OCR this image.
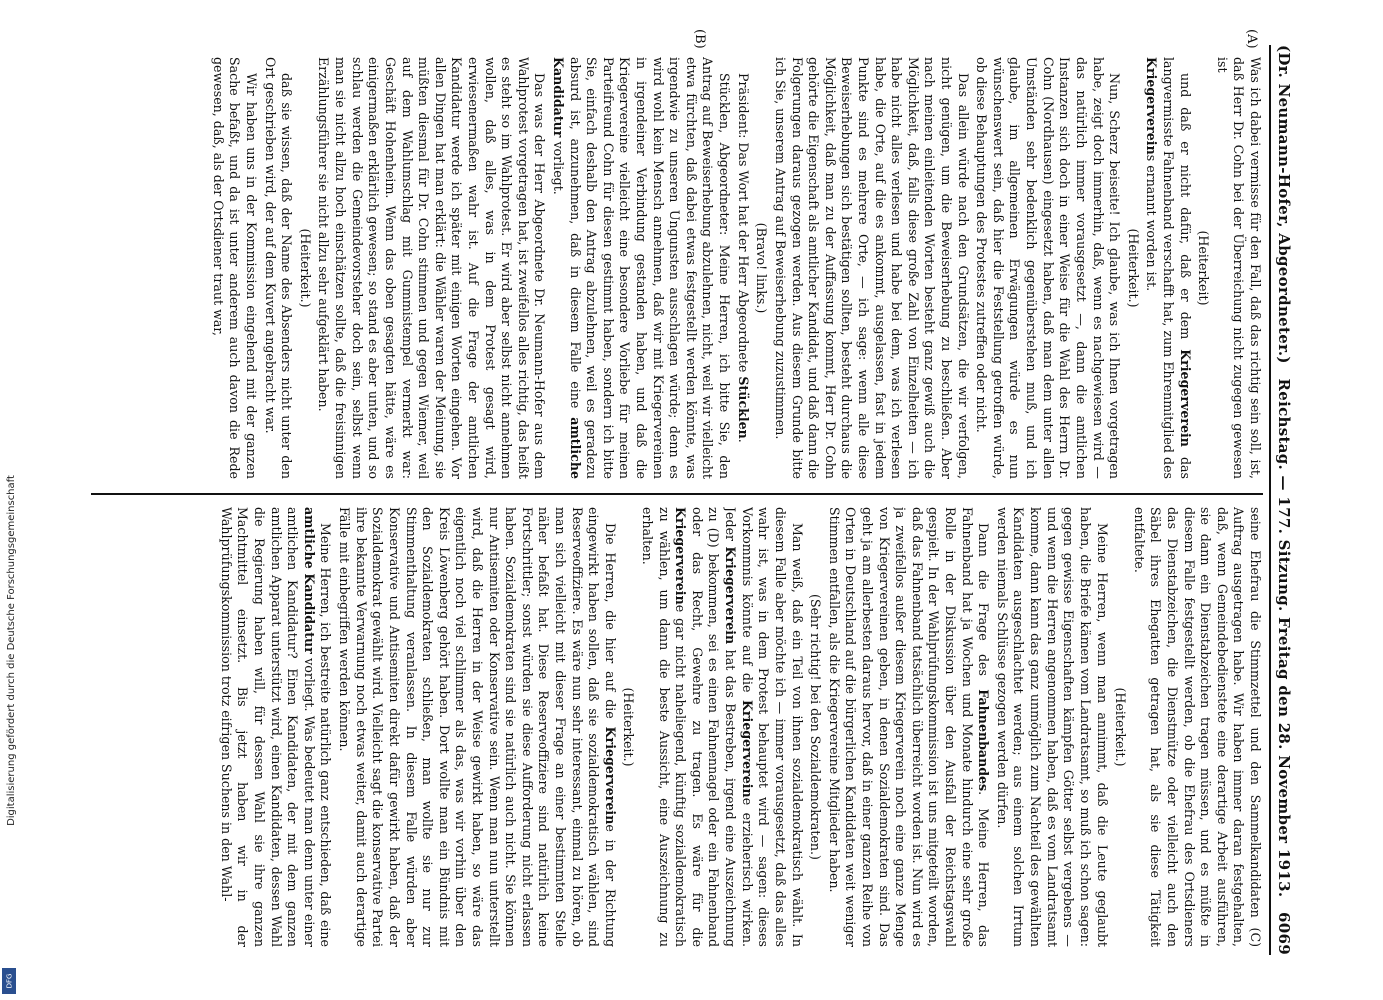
(Dr. Neumann-Hofer, Abgeordneter.)
Reichstag. — 177. Sitzung. Freitag den 28. November 1913.
6069

Was ich dabei vermisse für den Fall, daß das richtig sein soll, ist, daß Herr Dr. Cohn bei der Überreichung nicht zugegen gewesen ist

(Heiterkeit)

und daß er nicht dafür, daß er dem Kriegerverein das langvermisste Fahnenband verschafft hat, zum Ehrenmitglied des Kriegervereins ernannt worden ist.

(Heiterkeit.)

Nun, Scherz beiseite! Ich glaube, was ich Ihnen vorgetragen habe, zeigt doch immerhin, daß, wenn es nachgewiesen wird — das natürlich immer vorausgesetzt —, dann die amtlichen Instanzen sich doch in einer Weise für die Wahl des Herrn Dr. Cohn (Nordhausen) eingesetzt haben, daß man dem unter allen Umständen sehr bedenklich gegenüberstehen muß, und ich glaube, im allgemeinen Erwägungen würde es nun wünschenswert sein, daß hier die Feststellung getroffen würde, ob diese Behauptungen des Protestes zutreffen oder nicht.

Das allein würde nach den Grundsätzen, die wir verfolgen, nicht genügen, um die Beweiserhebung zu beschließen. Aber nach meinen einleitenden Worten besteht ganz gewiß auch die Möglichkeit, daß, falls diese große Zahl von Einzelheiten — ich habe nicht alles verlesen und habe bei dem, was ich verlesen habe, die Orte, auf die es ankommt, ausgelassen, fast in jedem Punkte sind es mehrere Orte, — ich sage: wenn alle diese Beweiserhebungen sich bestätigen sollten, besteht durchaus die Möglichkeit, daß man zu der Auffassung kommt, Herr Dr. Cohn gehörte die Eigenschaft als amtlicher Kandidat, und daß dann die Folgerungen daraus gezogen werden. Aus diesem Grunde bitte ich Sie, unserem Antrag auf Beweiserhebung zuzustimmen.

(Bravo! links.)

Präsident: Das Wort hat der Herr Abgeordnete Stücklen.

Stücklen, Abgeordneter: Meine Herren, ich bitte Sie, den Antrag auf Beweiserhebung abzulehnen, nicht, weil wir vielleicht etwa fürchten, daß dabei etwas festgestellt werden könnte, was irgendwie zu unseren Ungunsten ausschlagen würde; denn es wird wohl kein Mensch annehmen, daß wir mit Kriegervereinen in irgendeiner Verbindung gestanden haben, und daß die Kriegervereine vielleicht eine besondere Vorliebe für meinen Parteifreund Cohn für diesen gestimmt haben, sondern ich bitte Sie, einfach deshalb den Antrag abzulehnen, weil es geradezu absurd ist, anzunehmen, daß in diesem Falle eine amtliche Kandidatur vorliegt.

Das was der Herr Abgeordnete Dr. Neumann-Hofer aus dem Wahlprotest vorgetragen hat, ist zweifellos alles richtig, das heißt es steht so im Wahlprotest. Er wird aber selbst nicht annehmen wollen, daß alles, was in dem Protest gesagt wird, erwiesenermaßen wahr ist. Auf die Frage der amtlichen Kandidatur werde ich später mit einigen Worten eingehen. Vor allen Dingen hat man erklärt: die Wähler waren der Meinung, sie müßten diesmal für Dr. Cohn stimmen und gegen Wiemer, weil auf dem Wahlumschlag mit Gummistempel vermerkt war: Geschäft Hohenheim. Wenn das oben gesagten hätte, wäre es einigermaßen erklärlich gewesen; so stand es aber unten, und so schlau werden die Gemeindevorsteher doch sein, selbst wenn man sie nicht allzu hoch einschätzen sollte, daß die freisinnigen Erzählungsführer sie nicht allzu sehr aufgeklärt haben.

(Heiterkeit.)

daß sie wissen, daß der Name des Absenders nicht unter den Ort geschrieben wird, der auf dem Kuvert angebracht war.

Wir haben uns in der Kommission eingehend mit der ganzen Sache befaßt, und da ist unter anderem auch davon die Rede gewesen, daß, als der Ortsdiener traut war,

seine Ehefrau die Stimmzettel und den Sammelkandidaten (C) Auftrag ausgetragen habe. Wir haben immer daran festgehalten, daß, wenn Gemeindebedienstete eine derartige Arbeit ausführen, sie dann ein Dienstabzeichen tragen müssen, und es müßte in diesem Falle festgestellt werden, ob die Ehefrau des Ortsdieners das Dienstabzeichen, die Dienstmütze oder vielleicht auch den Säbel ihres Ehegatten getragen hat, als sie diese Tätigkeit entfaltete.

(Heiterkeit.)

Meine Herren, wenn man annimmt, daß die Leute geglaubt haben, die Briefe kämen vom Landratsamt, so muß ich schon sagen: gegen gewisse Eigenschaften kämpfen Götter selbst vergebens — und wenn die Herren angenommen haben, daß es vom Landratsamt komme, dann kann das ganz unmöglich zum Nachteil des gewählten Kandidaten ausgeschlachtet werden; aus einem solchen Irrtum werden niemals Schlüsse gezogen werden dürfen.

Dann die Frage des Fahnenbandes. Meine Herren, das Fahnenband hat ja Wochen und Monate hindurch eine sehr große Rolle in der Diskussion über den Ausfall der Reichstagswahl gespielt. In der Wahlprüfungskommission ist uns mitgeteilt worden, daß das Fahnenband tatsächlich überreicht worden ist. Nun wird es ja zweifellos außer diesem Kriegerverein noch eine ganze Menge von Kriegervereinen geben, in denen Sozialdemokraten sind. Das geht ja am allerbesten daraus hervor, daß in einer ganzen Reihe von Orten in Deutschland auf die bürgerlichen Kandidaten weit weniger Stimmen entfallen, als die Kriegervereine Mitglieder haben.

(Sehr richtig! bei den Sozialdemokraten.)

Man weiß, daß ein Teil von ihnen sozialdemokratisch wählt. In diesem Falle aber möchte ich — immer vorausgesetzt, daß das alles wahr ist, was in dem Protest behauptet wird — sagen: dieses Vorkommnis könnte auf die Kriegervereine erzieherisch wirken. Jeder Kriegerverein hat das Bestreben, irgend eine Auszeichnung zu (D) bekommen, sei es einen Fahnennagel oder ein Fahnenband oder das Recht, Gewehre zu tragen. Es wäre für die Kriegervereine gar nicht naheliegend, künftig sozialdemokratisch zu wählen, um dann die beste Aussicht, eine Auszeichnung zu erhalten.

(Heiterkeit.)

Die Herren, die hier auf die Kriegervereine in der Richtung eingewirkt haben sollen, daß sie sozialdemokratisch wählen, sind Reserveoffiziere. Es wäre nun sehr interessant, einmal zu hören, ob man sich vielleicht mit dieser Frage an einer bestimmten Stelle näher befaßt hat. Diese Reserveoffiziere sind natürlich keine Fortschrittler; sonst würden sie diese Aufforderung nicht erlassen haben. Sozialdemokraten sind sie natürlich auch nicht. Sie können nur Antisemiten oder Konservative sein. Wenn man nun unterstellt wird, daß die Herren in der Weise gewirkt haben, so wäre das eigentlich noch viel schlimmer als das, was wir vorhin über den Kreis Löwenberg gehört haben. Dort wollte man ein Bündnis mit den Sozialdemokraten schließen, man wollte sie nur zur Stimmenthaltung veranlassen. In diesem Falle würden aber Konservative und Antisemiten direkt dafür gewirkt haben, daß der Sozialdemokrat gewählt wird. Vielleicht sagt die konservative Partei ihre bekannte Verwarnung noch etwas weiter, damit auch derartige Fälle mit einbegriffen werden können.

Meine Herren, ich bestreite natürlich ganz entschieden, daß eine amtliche Kandidatur vorliegt. Was bedeutet man denn unter einer amtlichen Kandidatur? Einen Kandidaten, der mit dem ganzen amtlichen Apparat unterstützt wird, einen Kandidaten, dessen Wahl die Regierung haben will, für dessen Wahl sie ihre ganzen Machtmittel einsetzt. Bis jetzt haben wir in der Wahlprüfungskommission trotz eifrigen Suchens in den Wahl-

(A)
(B)
Digitalisierung gefördert durch die Deutsche Forschungsgemeinschaft
DFG
